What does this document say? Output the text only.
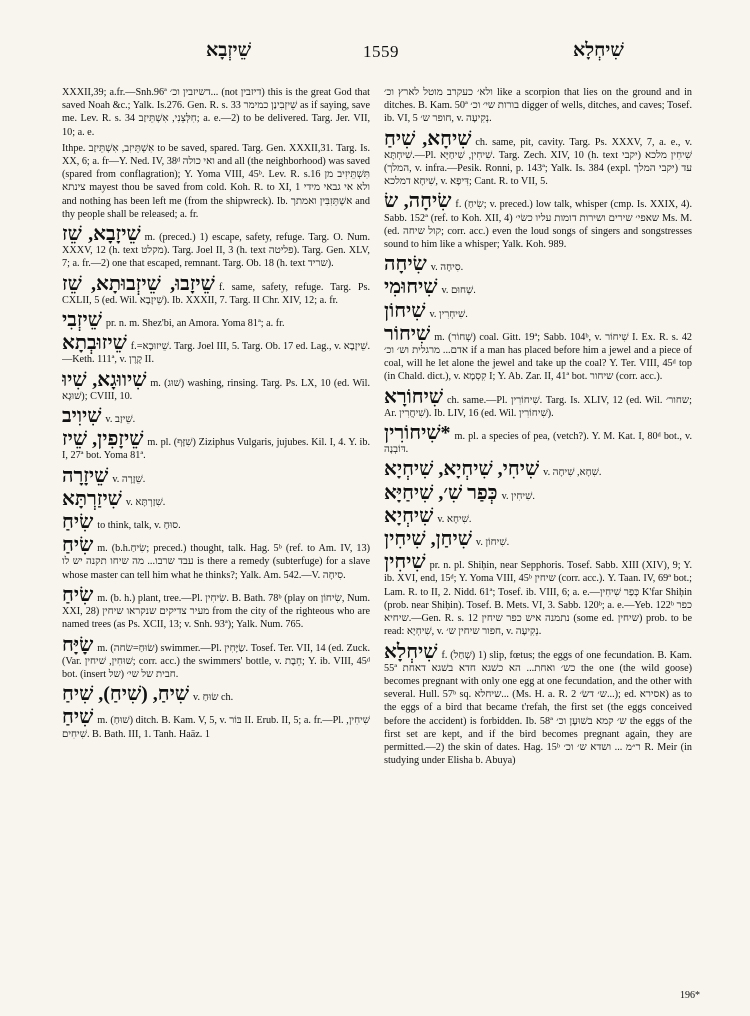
שֵׁיזְבָא	1559	שִׁיחְלָא

XXXII,39; a.fr.—Snh.96ª דשיזבין וכ׳... (not דיזבין) this is the great God that saved Noah &c.; Yalk. Is.276. Gen. R. s. 33 שֵׁיזְבִינַן כמימר as if saying, save me. Lev. R. s. 34 חִלְּצֵנִי, אִשְׁתֵּיזַב; a. e.—2) to be delivered. Targ. Jer. VII, 10; a. e.

Ithpe. אִשְׁתֵּיזִב, אִשְׁתֵּיזַב to be saved, spared. Targ. Gen. XXXII,31. Targ. Is. XX, 6; a. fr—Y. Ned. IV, 38ᵈ ואי כולה and all (the neighborhood) was saved (spared from conflagration); Y. Yoma VIII, 45ᵇ. Lev. R. s.16 תִּשְׁתֵּיזִיב מן צינתא mayest thou be saved from cold. Koh. R. to XI, 1 ולא אי גבאי מידי and nothing has been left me (from the shipwreck). Ib. אשְׁתֵּזִבִּין ואמתך and thy people shall be released; a. fr.

שֵׁיזָבָא, שֵׁז m. (preced.) 1) escape, safety, refuge. Targ. O. Num. XXXV, 12 (h. text מקלט). Targ. Joel II, 3 (h. text פליטה). Targ. Gen. XLV, 7; a. fr.—2) one that escaped, remnant. Targ. Ob. 18 (h. text שריד).

שֵׁיזָבוּ, שֵׁיזְבוּתָא, שֵׁז f. same, safety, refuge. Targ. Ps. CXLII, 5 (ed. Wil. שֵׁיזָבָא). Ib. XXXII, 7. Targ. II Chr. XIV, 12; a. fr.

שֵׁיזְבִי pr. n. m. Shez'bi, an Amora. Yoma 81ª; a. fr.

שֵׁיזוּבְתָא f.=שֵׁיזוּבָא. Targ. Joel III, 5. Targ. Ob. 17 ed. Lag., v. שֵׁיזָבָא.—Keth. 111ª, v. קֶרֶן II.

שִׁיווּגָא, שִׁיוּ m. (שׁוּג) washing, rinsing. Targ. Ps. LX, 10 (ed. Wil. שׁוּגָא); CVIII, 10.

שִׁיוִיב v. שֵׁיזַב.

שֵׁיזָפִין, שֵׁיז m. pl. (שִׁזָּף) Ziziphus Vulgaris, jujubes. Kil. I, 4. Y. ib. I, 27ª bot. Yoma 81ª.

שֵׁיזָרָה v. שֵׁזָרָה.

שִׁיזַרְתָּא v. שִׁזַרְתָּא.

שִׂיחַ to think, talk, v. סוּחַ.

שִׂיחַ m. (b.h.שִׂיחַ; preced.) thought, talk. Hag. 5ᵇ (ref. to Am. IV, 13) עבד שרבו... מה שיחו תקנה יש לו is there a remedy (subterfuge) for a slave whose master can tell him what he thinks?; Yalk. Am. 542.—V. סִיחָה.

שִׂיחַ m. (b. h.) plant, tree.—Pl. שִׂיחִין. B. Bath. 78ᵇ (play on שִׂיחוֹן, Num. XXI, 28) מעיר צדיקים שנקראו שיחין from the city of the righteous who are named trees (as Ps. XCII, 13; v. Snh. 93ª); Yalk. Num. 765.

שָׂיָּח m. (שׂוּחַ=שׂחה) swimmer.—Pl. שַׂיָּחִין. Tosef. Ter. VII, 14 (ed. Zuck. (Var. שׁוּחִין, שׁיחין; corr. acc.) the swimmers' bottle, v. חֵבֶת; Y. ib. VIII, 45ᵈ bot. (insert של) חבית של שי׳.

שִׁיחַ, (שִׁיחַ), שִׁיחַ v. שׂוּחַ ch.

שִׁיחַ m. (שׁוּחַ) ditch. B. Kam. V, 5, v. בּוֹר II. Erub. II, 5; a. fr.—Pl. שִׁיחִין, שִׁיחִים. B. Bath. III, 1. Tanh. Haäz. 1

ולא׳ כעקרב מוטל לארץ וכ׳ like a scorpion that lies on the ground and in ditches. B. Kam. 50ª בורות שי׳ וכ׳ digger of wells, ditches, and caves; Tosef. ib. VI, 5 חופר ש׳, v. נְקִיעָה.

שִׁיחָא, שִׁיחַ ch. same, pit, cavity. Targ. Ps. XXXV, 7, a. e., v. שִׁיחְתָּא.—Pl. שִׁיחִין, שִׁיחַיָּא. Targ. Zech. XIV, 10 (h. text שִׁיחִין מלכא (יקבי המלך), v. infra.—Pesik. Ronni, p. 143ª; Yalk. Is. 384 (expl. יקבי המלך) עד שִׁיחָא דמלכא, v. דִּיפָא; Cant. R. to VII, 5.

שִׂיחָה, שׂ f. (שִׂיחַ; v. preced.) low talk, whisper (cmp. Is. XXIX, 4). Sabb. 152ª (ref. to Koh. XII, 4) שאפי׳ שירים ושירות דומות עליו כשׂי׳ Ms. M. (ed. קול שיחה; corr. acc.) even the loud songs of singers and songstresses sound to him like a whisper; Yalk. Koh. 989.

שִׂיחָה v. סִיחָה.

שִׁיחוּמִי v. שְׁחוּם.

שִׁיחוֹן v. שִׁיחְרִין.

שִׁיחוֹר m. (שְׁחוֹר) coal. Gitt. 19ª; Sabb. 104ᵇ, v. שִׁיחוֹר I. Ex. R. s. 42 אדם... מרגלית וש׳ וכ׳ if a man has placed before him a jewel and a piece of coal, will he let alone the jewel and take up the coal? Y. Ter. VIII, 45ᵈ top (in Chald. dict.), v. קִסְמָא I; Y. Ab. Zar. II, 41ª bot. שיחור (corr. acc.).

שִׁיחוֹרָא ch. same.—Pl. שִׁיחוֹרִין. Targ. Is. XLIV, 12 (ed. Wil. שחור׳; Ar. שִׁיחֲרִין). Ib. LIV, 16 (ed. Wil. שִׁיחוֹרִין).

*שִׁיחוֹרִין m. pl. a species of pea, (vetch?). Y. M. Kat. I, 80ᵈ bot., v. דּוֹבְנָה.

שִׁיחִי, שִׁיחְיָא, שִׁיחְיָא v. שִׁחָא, שִׁיחָה.

כְּפַר שִׁ׳, שִׁיחַיָּא v. שִׁיחִין.

שִׁיחְיָא v. שִׁיחָא.

שִׁיחַן, שִׁיחִין v. שִׁיחוֹן.

שִׁיחִין pr. n. pl. Shiḥin, near Sepphoris. Tosef. Sabb. XIII (XIV), 9; Y. ib. XVI, end, 15ᵈ; Y. Yoma VIII, 45ᵇ שיחין (corr. acc.). Y. Taan. IV, 69ª bot.; Lam. R. to II, 2. Nidd. 61ª; Tosef. ib. VIII, 6; a. e.—כְּפַר שִׁיחִין K'far Shiḥin (prob. near Shiḥin). Tosef. B. Mets. VI, 3. Sabb. 120ᵇ; a. e.—Yeb. 122ᵇ כפר שיחיא.—Gen. R. s. 12 נתמנה איש כפר שיחין (some ed. שיחין) prob. to be read: שִׁיחְיָא, v. חפור שיחין ש׳, v. נְקִיעָה.

שִׁיחְלָא f. (שְׁחַל) 1) slip, fœtus; the eggs of one fecundation. B. Kam. 55ª כש׳ ואחת... הא כשׁגא חדא בשׁגא דאחת the one (the wild goose) becomes pregnant with only one egg at one fecundation, and the other with several. Hull. 57ᵇ sq. שיחלא... (Ms. H. a. R. 2 ש׳ דשׂ׳...); ed. אסירא) as to the eggs of a bird that became t'refah, the first set (the eggs conceived before the accident) is forbidden. Ib. 58ª ש׳ קמא בשׁוּעָן וכ׳ the eggs of the first set are kept, and if the bird becomes pregnant again, they are permitted.—2) the skin of dates. Hag. 15ᵇ ר״מ ... ושדא ש׳ וכ׳ R. Meir (in studying under Elisha b. Abuya)

196*
